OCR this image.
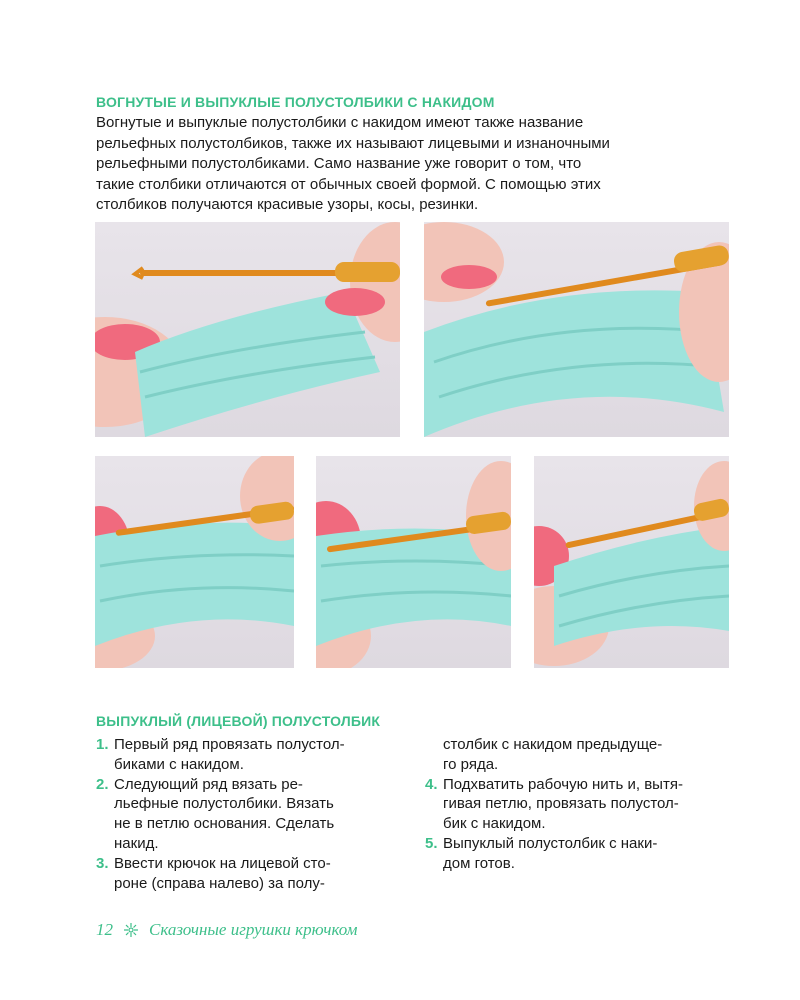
ВОГНУТЫЕ И ВЫПУКЛЫЕ ПОЛУСТОЛБИКИ С НАКИДОМ

Вогнутые и выпуклые полустолбики с накидом имеют также название

рельефных полустолбиков, также их называют лицевыми и изнаночными

рельефными полустолбиками. Само название уже говорит о том, что

такие столбики отличаются от обычных своей формой. С помощью этих

столбиков получаются красивые узоры, косы, резинки.

ВЫПУКЛЫЙ (ЛИЦЕВОЙ) ПОЛУСТОЛБИК
1. Первый ряд провязать полустол-
биками с накидом.
2. Следующий ряд вязать ре-
льефные полустолбики. Вязать
не в петлю основания. Сделать
накид.
3. Ввести крючок на лицевой сто-
роне (справа налево) за полу-
столбик с накидом предыдуще-
го ряда.
4. Подхватить рабочую нить и, вытя-
гивая петлю, провязать полустол-
бик с накидом.
5. Выпуклый полустолбик с наки-
дом готов.
12 Сказочные игрушки крючком
